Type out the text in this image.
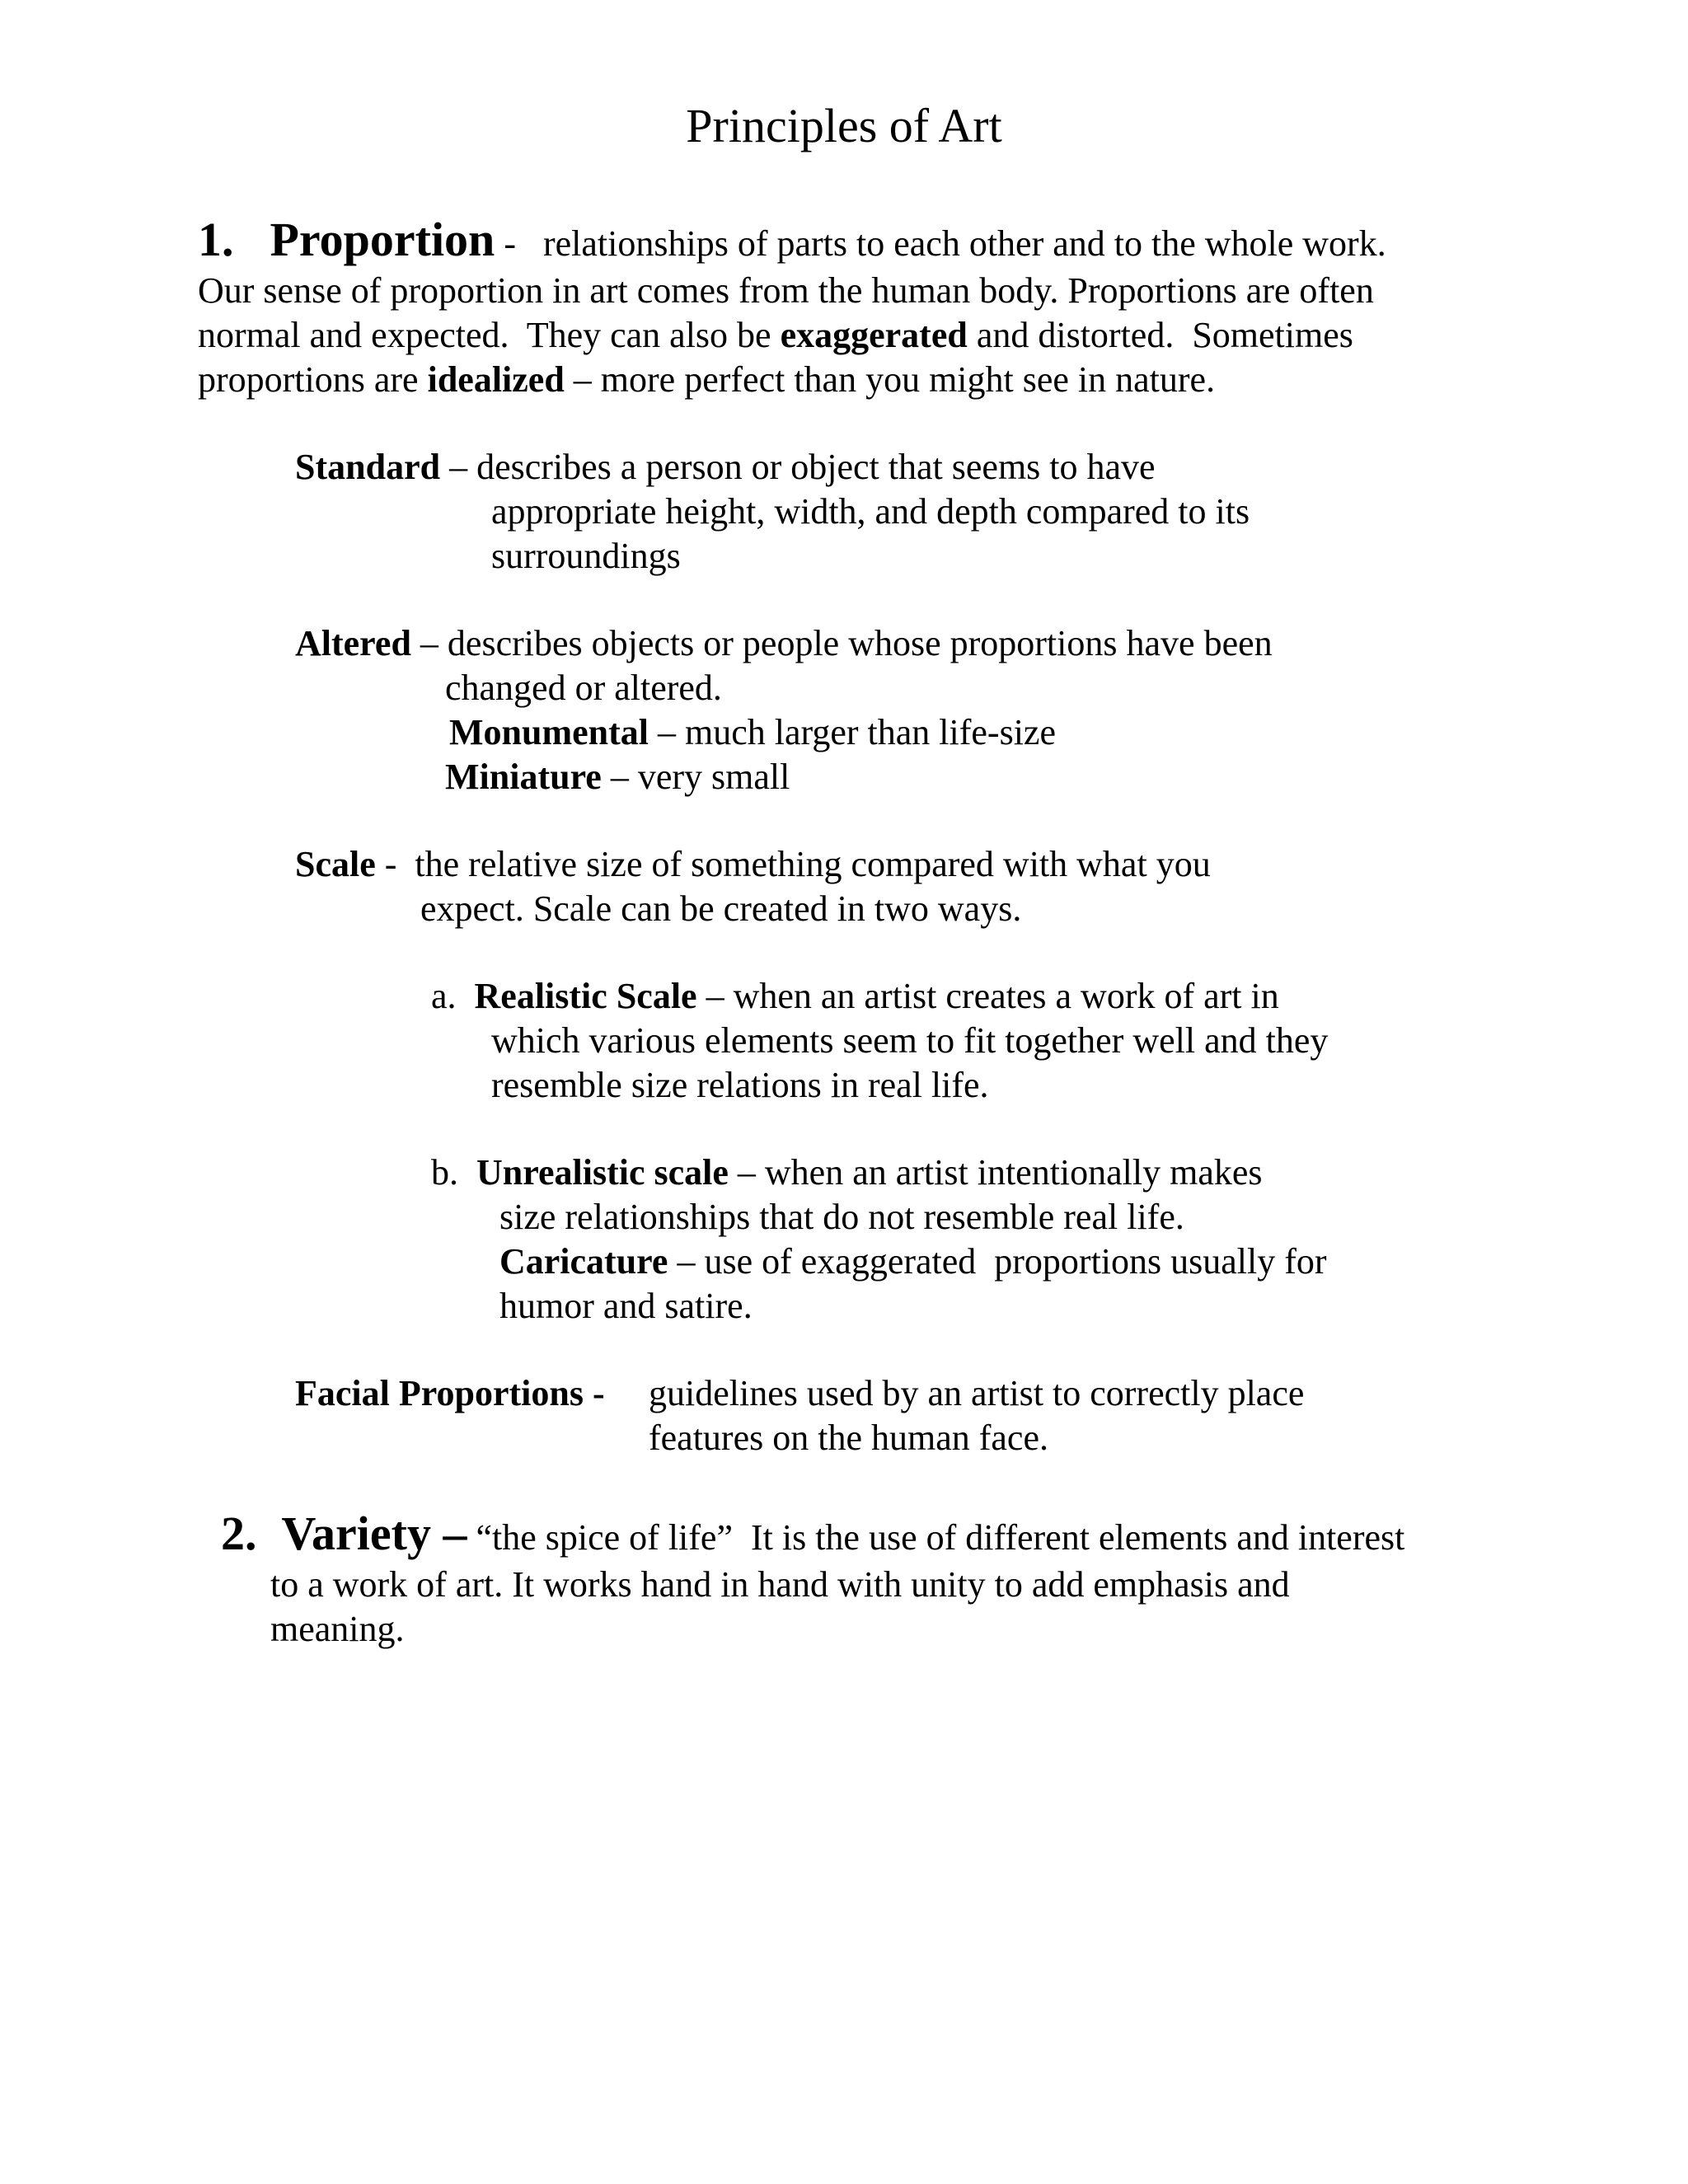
Principles of Art

1. Proportion -   relationships of parts to each other and to the whole work.

Our sense of proportion in art comes from the human body. Proportions are often

normal and expected.  They can also be exaggerated and distorted.  Sometimes

proportions are idealized – more perfect than you might see in nature.

Standard – describes a person or object that seems to have

appropriate height, width, and depth compared to its

surroundings

Altered – describes objects or people whose proportions have been

changed or altered.

Monumental – much larger than life-size

Miniature – very small

Scale -  the relative size of something compared with what you

expect. Scale can be created in two ways.

a.  Realistic Scale – when an artist creates a work of art in

which various elements seem to fit together well and they

resemble size relations in real life.

b.  Unrealistic scale – when an artist intentionally makes

size relationships that do not resemble real life.

Caricature – use of exaggerated  proportions usually for

humor and satire.

Facial Proportions - guidelines used by an artist to correctly place

features on the human face.

2. Variety – “the spice of life”  It is the use of different elements and interest

to a work of art. It works hand in hand with unity to add emphasis and

meaning.
